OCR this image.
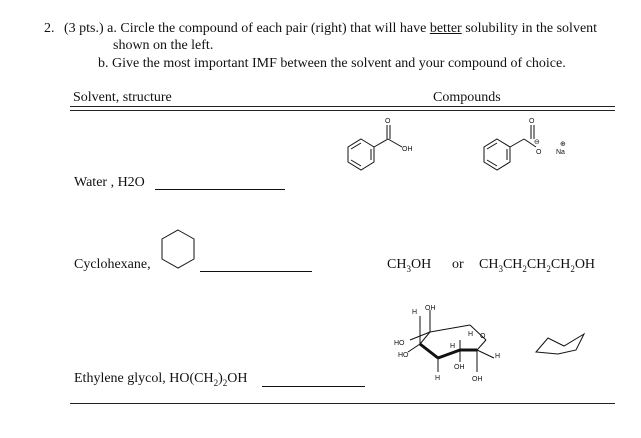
2. (3 pts.) a. Circle the compound of each pair (right) that will have better solubility in the solvent
shown on the left.
b. Give the most important IMF between the solvent and your compound of choice.
Solvent, structure	Compounds
Water , H2O
O
OH
O
⊖
O Na
⊕
Cyclohexane,	$CH_3OH$ or $CH_3CH_2CH_2CH_2OH$
Ethylene glycol, $HO(CH_2)_2OH$
H
OH
O
H
HO
HO
H
OH
H
H
OH
